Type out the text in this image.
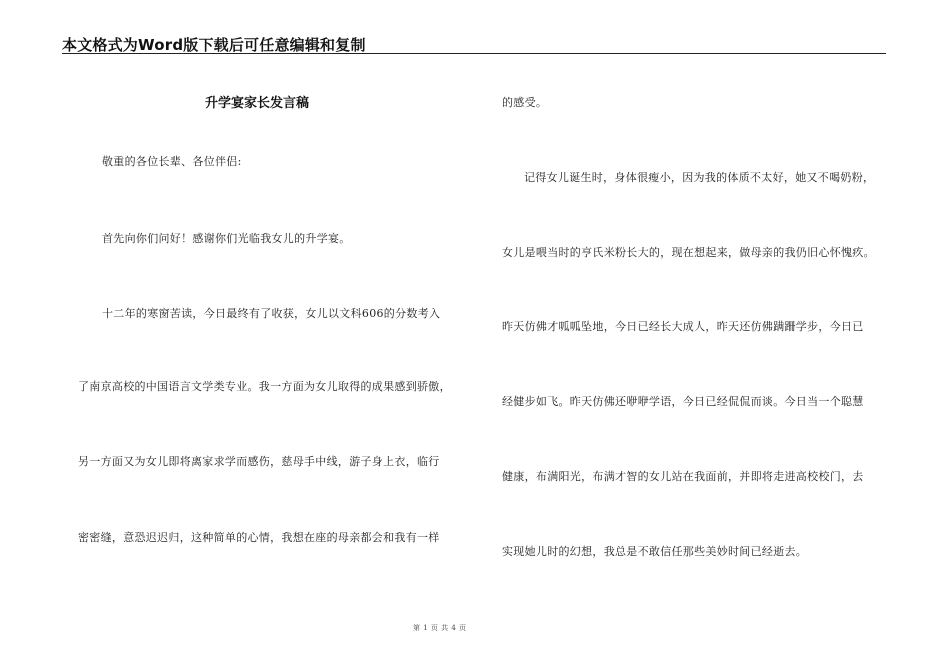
本文格式为Word版下载后可任意编辑和复制
升学宴家长发言稿
敬重的各位长辈、各位伴侣:
首先向你们问好！感谢你们光临我女儿的升学宴。
十二年的寒窗苦读，今日最终有了收获，女儿以文科606的分数考入
了南京高校的中国语言文学类专业。我一方面为女儿取得的成果感到骄傲，
另一方面又为女儿即将离家求学而感伤，慈母手中线，游子身上衣，临行
密密缝，意恐迟迟归，这种简单的心情，我想在座的母亲都会和我有一样
的感受。
记得女儿诞生时，身体很瘦小，因为我的体质不太好，她又不喝奶粉，
女儿是喂当时的亨氏米粉长大的，现在想起来，做母亲的我仍旧心怀愧疚。
昨天仿佛才呱呱坠地，今日已经长大成人，昨天还仿佛蹒跚学步，今日已
经健步如飞。昨天仿佛还咿咿学语，今日已经侃侃而谈。今日当一个聪慧
健康，布满阳光，布满才智的女儿站在我面前，并即将走进高校校门，去
实现她儿时的幻想，我总是不敢信任那些美妙时间已经逝去。
第 1 页 共 4 页
